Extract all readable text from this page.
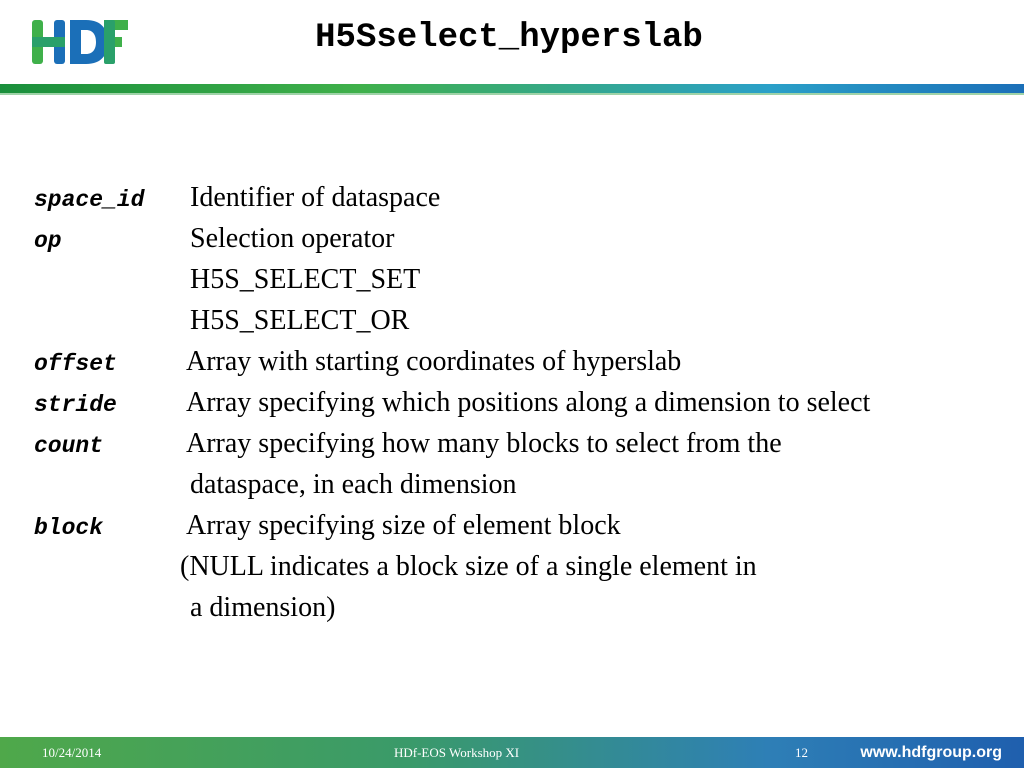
H5Sselect_hyperslab
space_id Identifier of dataspace
op	Selection operator
H5S_SELECT_SET
H5S_SELECT_OR
offset Array with starting coordinates of hyperslab
stride Array specifying which positions along a dimension to select
count	Array specifying how many blocks to select from the
dataspace, in each dimension
block	Array specifying size of element block
(NULL indicates a block size of a single element in
a dimension)
10/24/2014	HDf-EOS Workshop XI	12	www.hdfgroup.org
